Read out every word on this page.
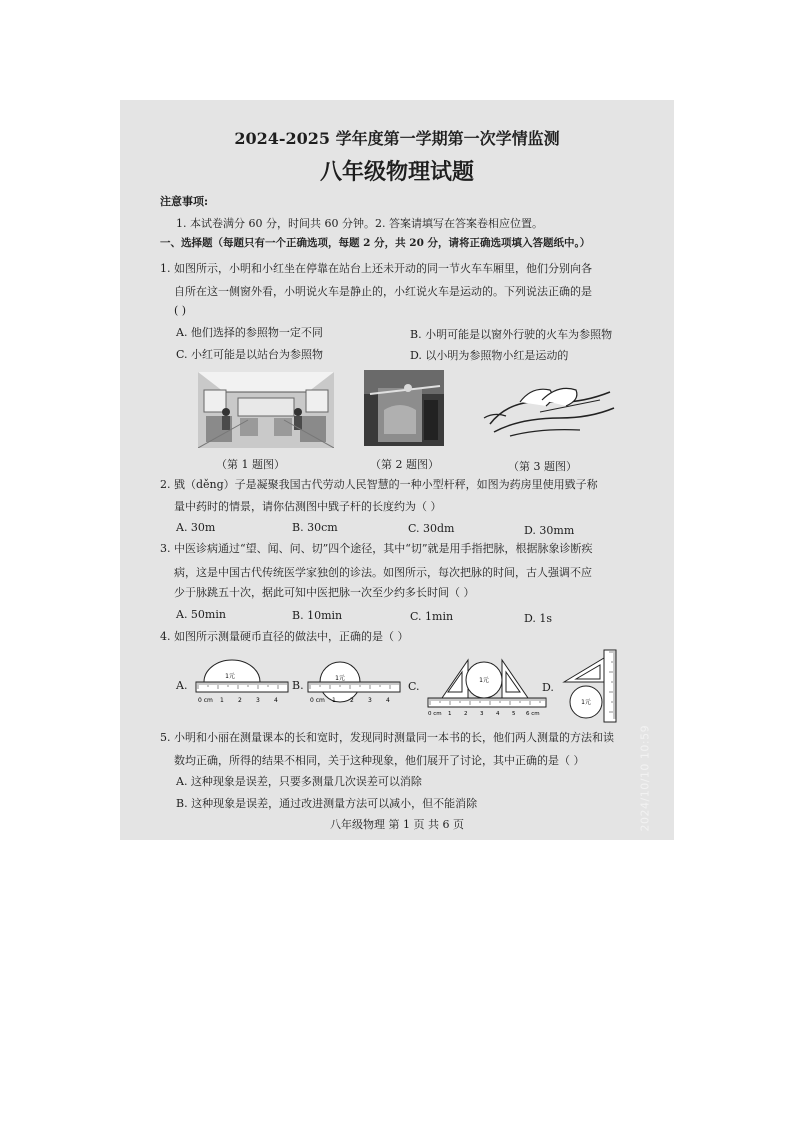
2024-2025 学年度第一学期第一次学情监测
八年级物理试题
注意事项:
1. 本试卷满分 60 分，时间共 60 分钟。2. 答案请填写在答案卷相应位置。
一、选择题（每题只有一个正确选项，每题 2 分，共 20 分，请将正确选项填入答题纸中。）
1. 如图所示，小明和小红坐在停靠在站台上还未开动的同一节火车车厢里，他们分别向各
自所在这一侧窗外看，小明说火车是静止的，小红说火车是运动的。下列说法正确的是
( )
A. 他们选择的参照物一定不同	B. 小明可能是以窗外行驶的火车为参照物
C. 小红可能是以站台为参照物	D. 以小明为参照物小红是运动的
（第 1 题图）	（第 2 题图）	（第 3 题图）
2. 戥（děng）子是凝聚我国古代劳动人民智慧的一种小型杆秤，如图为药房里使用戥子称
量中药时的情景，请你估测图中戥子杆的长度约为（ ）
A. 30m	B. 30cm	C. 30dm	D. 30mm
3. 中医诊病通过“望、闻、问、切”四个途径，其中“切”就是用手指把脉，根据脉象诊断疾
病，这是中国古代传统医学家独创的诊法。如图所示，每次把脉的时间，古人强调不应
少于脉跳五十次，据此可知中医把脉一次至少约多长时间（ ）
A. 50min	B. 10min	C. 1min	D. 1s
4. 如图所示测量硬币直径的做法中，正确的是（ ）
A.
1元
0 cm 1 2 3 4
B.
1元
0 cm 1 2 3 4
C.	1元
0 cm 1 2 3 4 5 6 cm
D.
1元
5. 小明和小丽在测量课本的长和宽时，发现同时测量同一本书的长，他们两人测量的方法和读
数均正确，所得的结果不相同，关于这种现象，他们展开了讨论，其中正确的是（ ）
A. 这种现象是误差，只要多测量几次误差可以消除
B. 这种现象是误差，通过改进测量方法可以减小，但不能消除
八年级物理 第 1 页 共 6 页	2024/10/10 10:59
